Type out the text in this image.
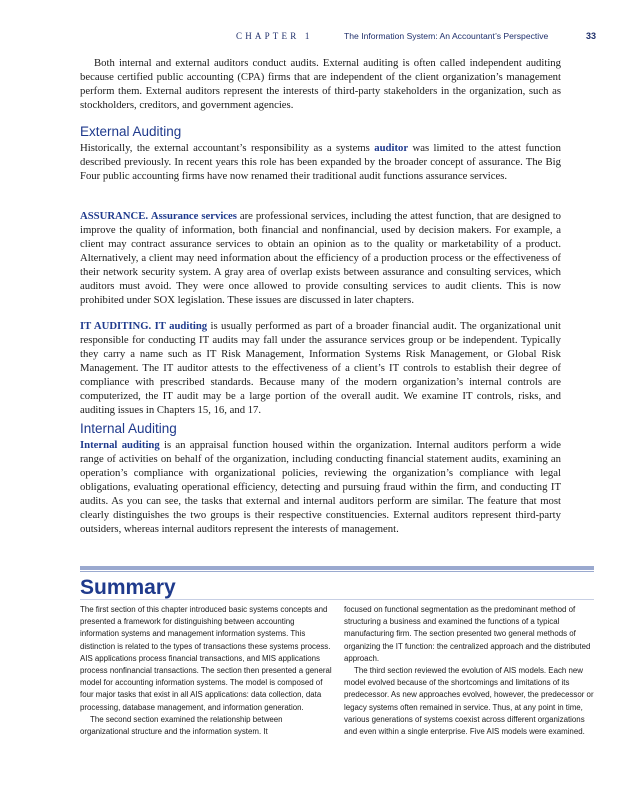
CHAPTER 1	The Information System: An Accountant’s Perspective	33

Both internal and external auditors conduct audits. External auditing is often called independent auditing because certified public accounting (CPA) firms that are independent of the client organization’s management perform them. External auditors represent the interests of third-party stakeholders in the organization, such as stockholders, creditors, and government agencies.

External Auditing

Historically, the external accountant’s responsibility as a systems auditor was limited to the attest function described previously. In recent years this role has been expanded by the broader concept of assurance. The Big Four public accounting firms have now renamed their traditional audit functions assurance services.

ASSURANCE. Assurance services are professional services, including the attest function, that are designed to improve the quality of information, both financial and nonfinancial, used by decision makers. For example, a client may contract assurance services to obtain an opinion as to the quality or marketability of a product. Alternatively, a client may need information about the efficiency of a production process or the effectiveness of their network security system. A gray area of overlap exists between assurance and consulting services, which auditors must avoid. They were once allowed to provide consulting services to audit clients. This is now prohibited under SOX legislation. These issues are discussed in later chapters.

IT AUDITING. IT auditing is usually performed as part of a broader financial audit. The organizational unit responsible for conducting IT audits may fall under the assurance services group or be independent. Typically they carry a name such as IT Risk Management, Information Systems Risk Management, or Global Risk Management. The IT auditor attests to the effectiveness of a client’s IT controls to establish their degree of compliance with prescribed standards. Because many of the modern organization’s internal controls are computerized, the IT audit may be a large portion of the overall audit. We examine IT controls, risks, and auditing issues in Chapters 15, 16, and 17.

Internal Auditing

Internal auditing is an appraisal function housed within the organization. Internal auditors perform a wide range of activities on behalf of the organization, including conducting financial statement audits, examining an operation’s compliance with organizational policies, reviewing the organization’s compliance with legal obligations, evaluating operational efficiency, detecting and pursuing fraud within the firm, and conducting IT audits. As you can see, the tasks that external and internal auditors perform are similar. The feature that most clearly distinguishes the two groups is their respective constituencies. External auditors represent third-party outsiders, whereas internal auditors represent the interests of management.

Summary

The first section of this chapter introduced basic systems concepts and presented a framework for distinguishing between accounting information systems and management information systems. This distinction is related to the types of transactions these systems process. AIS applications process financial transactions, and MIS applications process nonfinancial transactions. The section then presented a general model for accounting information systems. The model is composed of four major tasks that exist in all AIS applications: data collection, data processing, database management, and information generation.

The second section examined the relationship between organizational structure and the information system. It

focused on functional segmentation as the predominant method of structuring a business and examined the functions of a typical manufacturing firm. The section presented two general methods of organizing the IT function: the centralized approach and the distributed approach.

The third section reviewed the evolution of AIS models. Each new model evolved because of the shortcomings and limitations of its predecessor. As new approaches evolved, however, the predecessor or legacy systems often remained in service. Thus, at any point in time, various generations of systems coexist across different organizations and even within a single enterprise. Five AIS models were examined.
